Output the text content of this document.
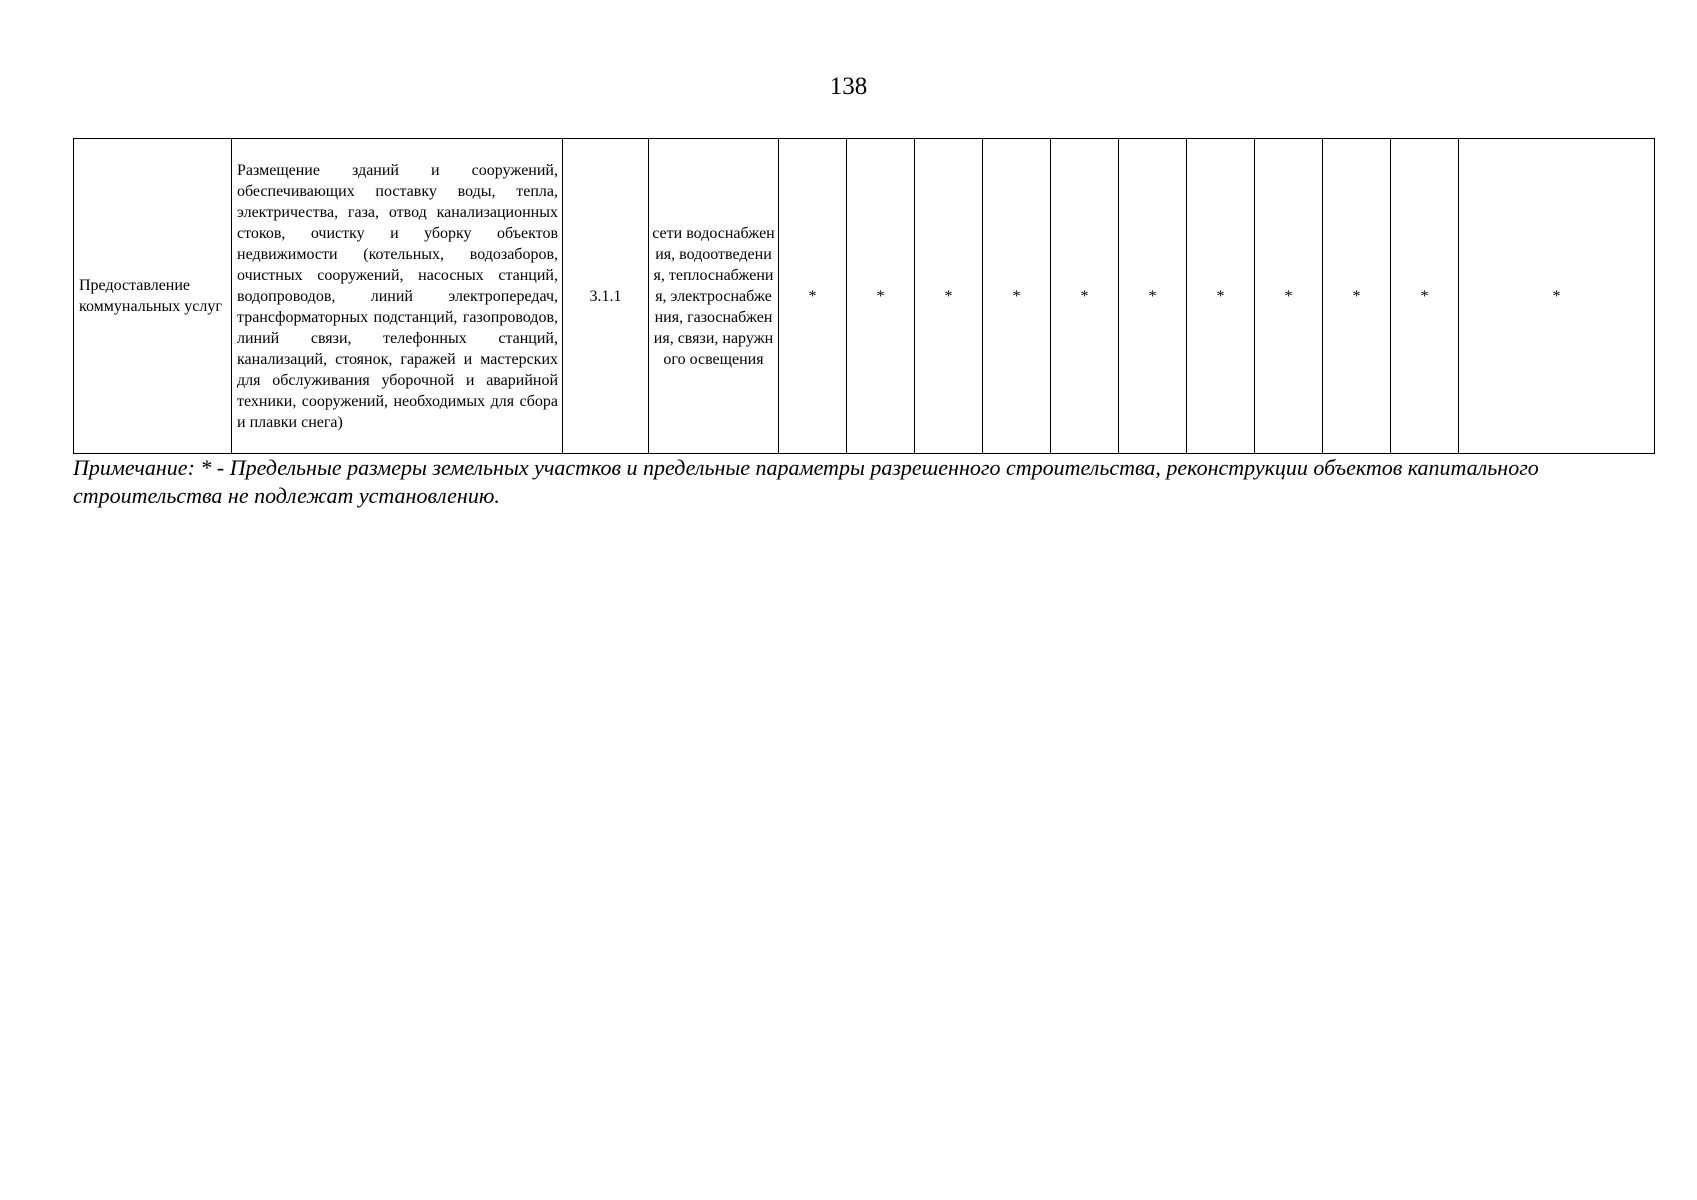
138
Предоставление коммунальных услуг	Размещение зданий и сооружений, обеспечивающих поставку воды, тепла, электричества, газа, отвод канализационных стоков, очистку и уборку объектов недвижимости (котельных, водозаборов, очистных сооружений, насосных станций, водопроводов, линий электропередач, трансформаторных подстанций, газопроводов, линий связи, телефонных станций, канализаций, стоянок, гаражей и мастерских для обслуживания уборочной и аварийной техники, сооружений, необходимых для сбора и плавки снега)	3.1.1	сети водоснабжения, водоотведения, теплоснабжения, электроснабжения, газоснабжения, связи, наружного освещения	*	*	*	*	*	*	*	*	*	*	*
Примечание: * - Предельные размеры земельных участков и предельные параметры разрешенного строительства, реконструкции объектов капитального строительства не подлежат установлению.
